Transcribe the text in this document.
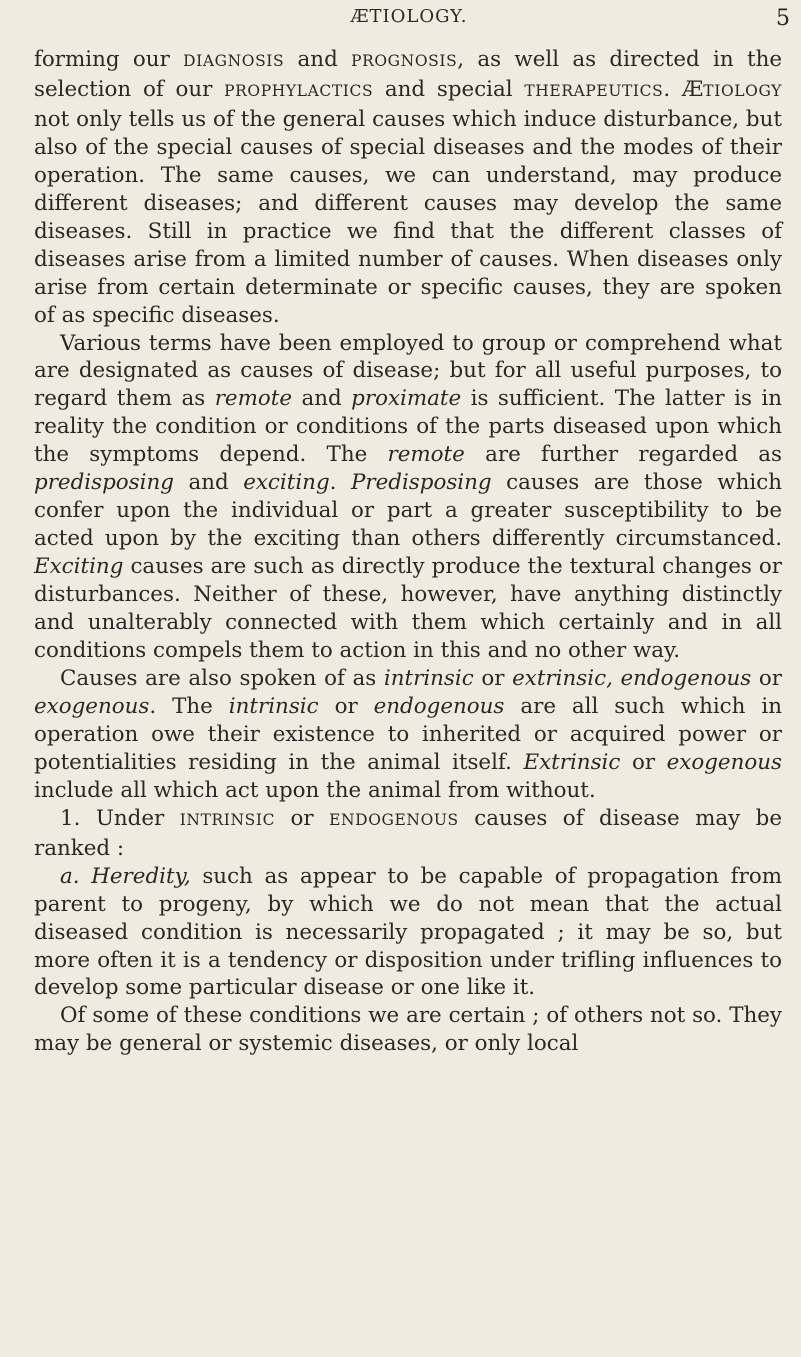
ÆTIOLOGY.	5

forming our DIAGNOSIS and PROGNOSIS, as well as directed in the selection of our PROPHYLACTICS and special THERAPEUTICS. ÆTIOLOGY not only tells us of the general causes which induce disturbance, but also of the special causes of special diseases and the modes of their operation. The same causes, we can understand, may produce different diseases; and different causes may develop the same diseases. Still in practice we find that the different classes of diseases arise from a limited number of causes. When diseases only arise from certain determinate or specific causes, they are spoken of as specific diseases.

Various terms have been employed to group or comprehend what are designated as causes of disease; but for all useful purposes, to regard them as remote and proximate is sufficient. The latter is in reality the condition or conditions of the parts diseased upon which the symptoms depend. The remote are further regarded as predisposing and exciting. Predisposing causes are those which confer upon the individual or part a greater susceptibility to be acted upon by the exciting than others differently circumstanced. Exciting causes are such as directly produce the textural changes or disturbances. Neither of these, however, have anything distinctly and unalterably connected with them which certainly and in all conditions compels them to action in this and no other way.

Causes are also spoken of as intrinsic or extrinsic, endogenous or exogenous. The intrinsic or endogenous are all such which in operation owe their existence to inherited or acquired power or potentialities residing in the animal itself. Extrinsic or exogenous include all which act upon the animal from without.

1. Under INTRINSIC or ENDOGENOUS causes of disease may be ranked :

a. Heredity, such as appear to be capable of propagation from parent to progeny, by which we do not mean that the actual diseased condition is necessarily propagated ; it may be so, but more often it is a tendency or disposition under trifling influences to develop some particular disease or one like it.

Of some of these conditions we are certain ; of others not so. They may be general or systemic diseases, or only local
